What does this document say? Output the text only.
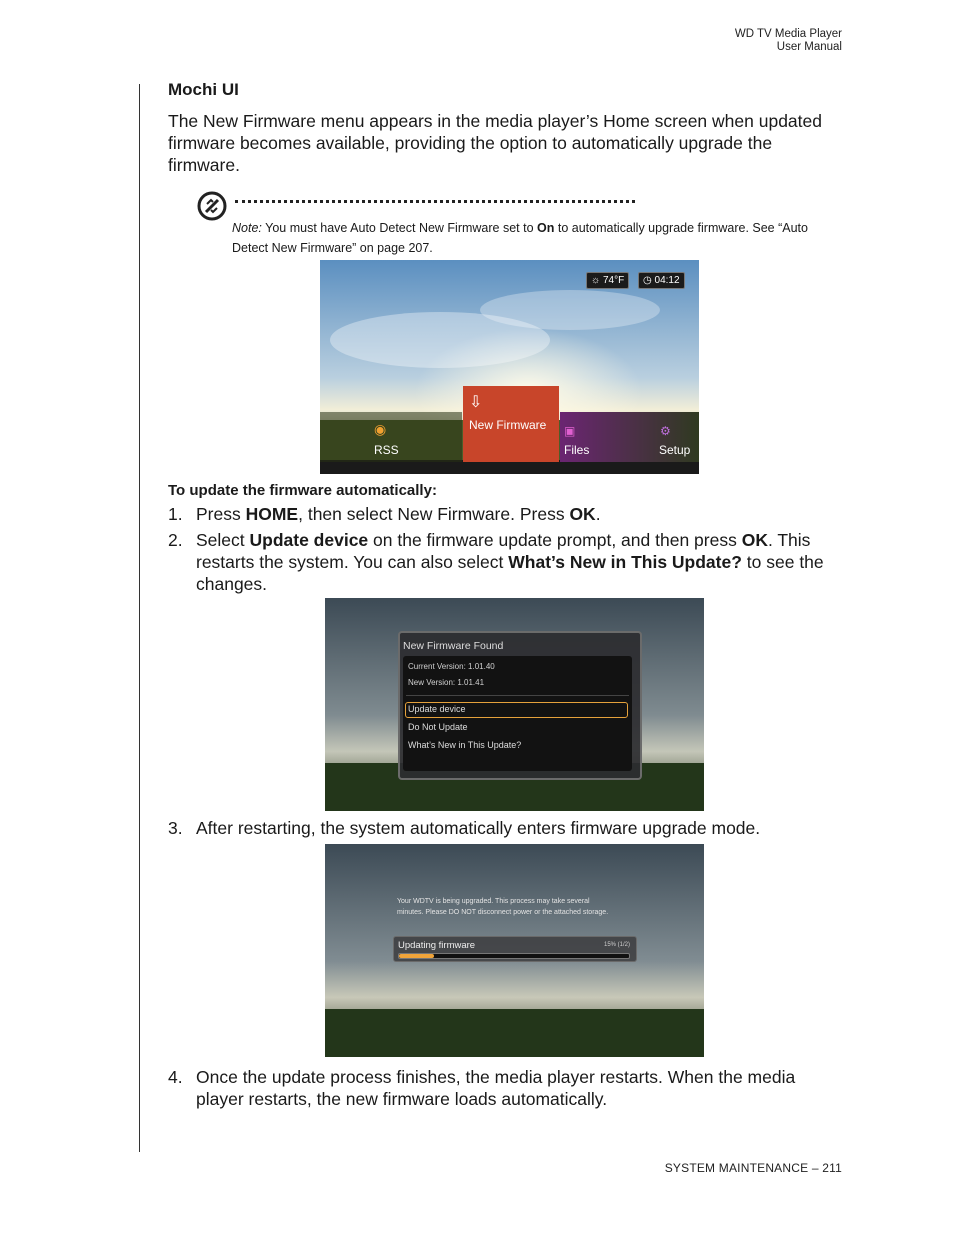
WD TV Media Player
User Manual
Mochi UI
The New Firmware menu appears in the media player’s Home screen when updated firmware becomes available, providing the option to automatically upgrade the firmware.
Note: You must have Auto Detect New Firmware set to On to automatically upgrade firmware. See “Auto Detect New Firmware” on page 207.
☼ 74°F	◷ 04:12
◉
RSS
⇩
New Firmware ▣
Files
⚙
Setup
To update the firmware automatically:
1. Press HOME, then select New Firmware. Press OK.
2. Select Update device on the firmware update prompt, and then press OK. This restarts the system. You can also select What’s New in This Update? to see the changes.
New Firmware Found
Current Version: 1.01.40
New Version: 1.01.41
Update device
Do Not Update
What’s New in This Update?
3. After restarting, the system automatically enters firmware upgrade mode.
Your WDTV is being upgraded. This process may take several minutes. Please DO NOT disconnect power or the attached storage.
Updating firmware	15% (1/2)
4. Once the update process finishes, the media player restarts. When the media player restarts, the new firmware loads automatically.
SYSTEM MAINTENANCE – 211
